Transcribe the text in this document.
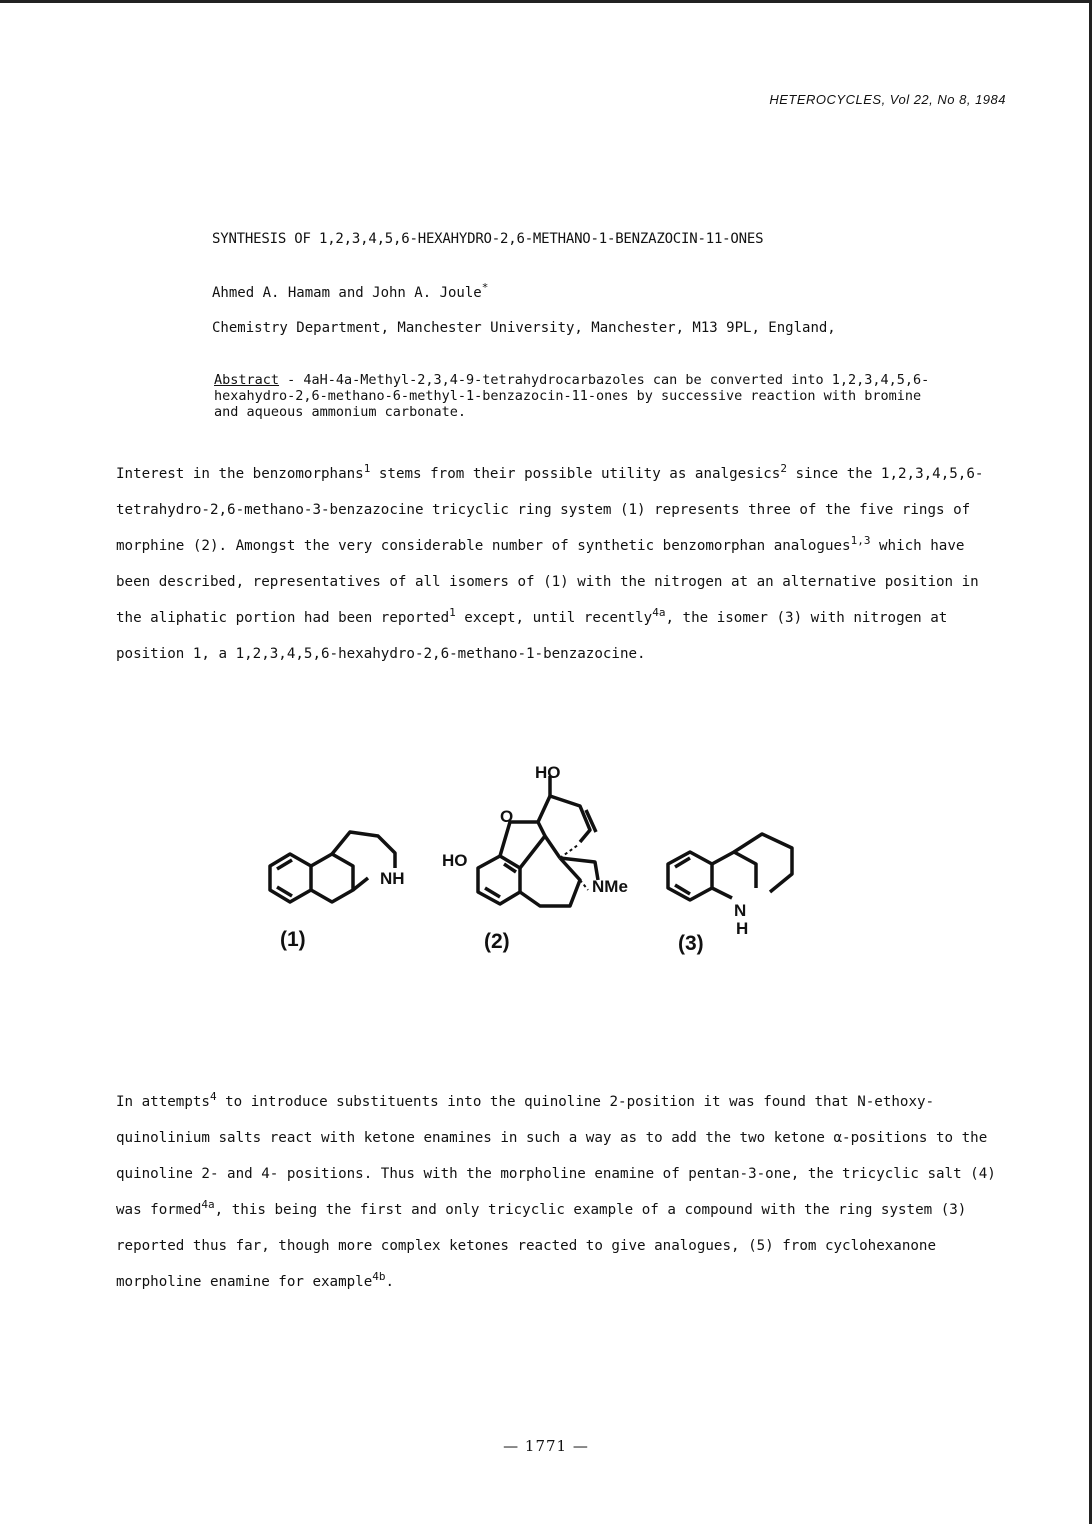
HETEROCYCLES, Vol 22, No 8, 1984
SYNTHESIS OF 1,2,3,4,5,6-HEXAHYDRO-2,6-METHANO-1-BENZAZOCIN-11-ONES
Ahmed A. Hamam and John A. Joule*
Chemistry Department, Manchester University, Manchester, M13 9PL, England,
Abstract - 4aH-4a-Methyl-2,3,4-9-tetrahydrocarbazoles can be converted into 1,2,3,4,5,6-hexahydro-2,6-methano-6-methyl-1-benzazocin-11-ones by successive reaction with bromine and aqueous ammonium carbonate.
Interest in the benzomorphans$^1$ stems from their possible utility as analgesics$^2$ since the 1,2,3,4,5,6-tetrahydro-2,6-methano-3-benzazocine tricyclic ring system (1) represents three of the five rings of morphine (2). Amongst the very considerable number of synthetic benzomorphan analogues$^{1,3}$ which have been described, representatives of all isomers of (1) with the nitrogen at an alternative position in the aliphatic portion had been reported$^1$ except, until recently$^{4a}$, the isomer (3) with nitrogen at position 1, a 1,2,3,4,5,6-hexahydro-2,6-methano-1-benzazocine.
NH
(1)
HO
O
HO
NMe
(2)
N
H
(3)
In attempts$^4$ to introduce substituents into the quinoline 2-position it was found that N-ethoxy-quinolinium salts react with ketone enamines in such a way as to add the two ketone α-positions to the quinoline 2- and 4- positions. Thus with the morpholine enamine of pentan-3-one, the tricyclic salt (4) was formed$^{4a}$, this being the first and only tricyclic example of a compound with the ring system (3) reported thus far, though more complex ketones reacted to give analogues, (5) from cyclohexanone morpholine enamine for example$^{4b}$.
— 1771 —
